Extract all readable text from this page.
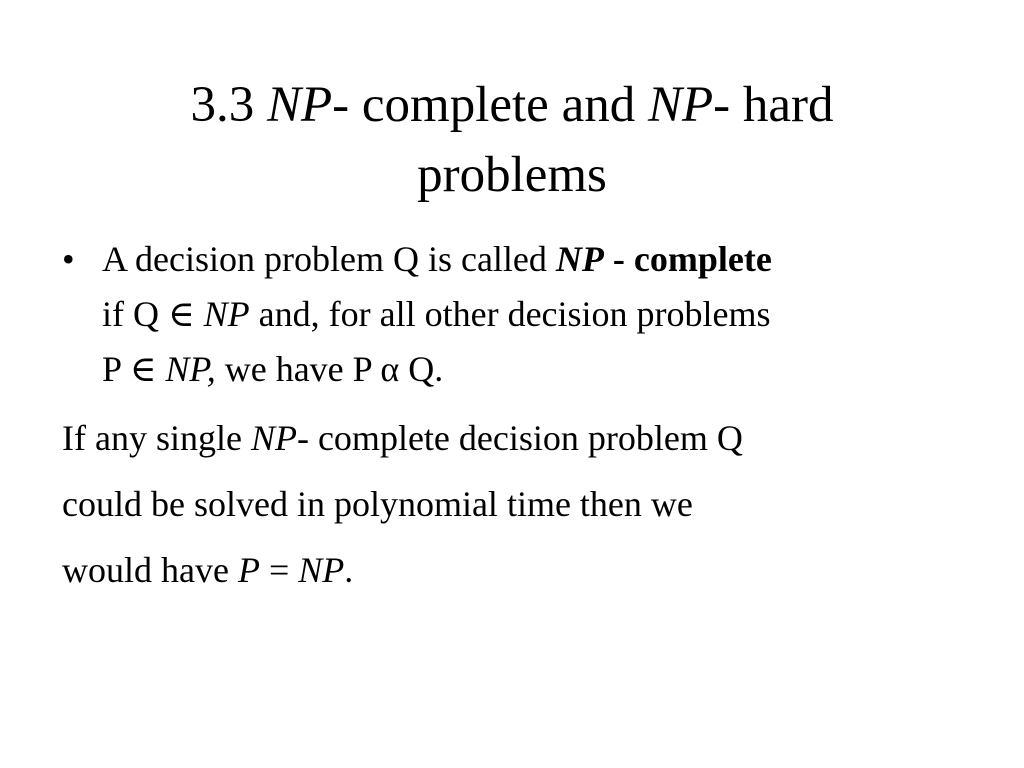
3.3 NP- complete and NP- hard
problems
• A decision problem Q is called NP - complete
if Q ∈ NP and, for all other decision problems
P ∈ NP, we have P α Q.

If any single NP- complete decision problem Q
could be solved in polynomial time then we
would have P = NP.
